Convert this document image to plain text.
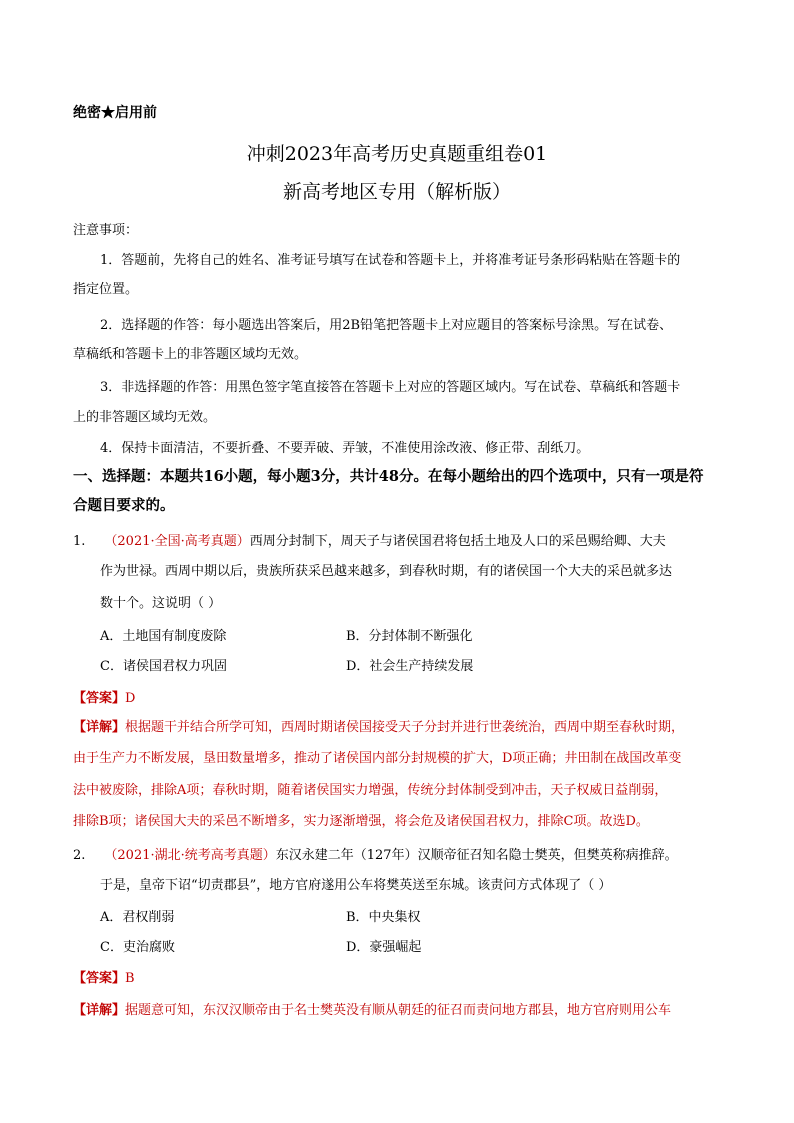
绝密★启用前
冲刺2023年高考历史真题重组卷01
新高考地区专用（解析版）
注意事项：
1．答题前，先将自己的姓名、准考证号填写在试卷和答题卡上，并将准考证号条形码粘贴在答题卡的
指定位置。
2．选择题的作答：每小题选出答案后，用2B铅笔把答题卡上对应题目的答案标号涂黑。写在试卷、
草稿纸和答题卡上的非答题区域均无效。
3．非选择题的作答：用黑色签字笔直接答在答题卡上对应的答题区域内。写在试卷、草稿纸和答题卡
上的非答题区域均无效。
4．保持卡面清洁，不要折叠、不要弄破、弄皱，不准使用涂改液、修正带、刮纸刀。
一、选择题：本题共16小题，每小题3分，共计48分。在每小题给出的四个选项中，只有一项是符
合题目要求的。
1. （2021·全国·高考真题）西周分封制下，周天子与诸侯国君将包括土地及人口的采邑赐给卿、大夫
作为世禄。西周中期以后，贵族所获采邑越来越多，到春秋时期，有的诸侯国一个大夫的采邑就多达
数十个。这说明（ ）
A．土地国有制度废除	B．分封体制不断强化
C．诸侯国君权力巩固	D．社会生产持续发展
【答案】D
【详解】根据题干并结合所学可知，西周时期诸侯国接受天子分封并进行世袭统治，西周中期至春秋时期，
由于生产力不断发展，垦田数量增多，推动了诸侯国内部分封规模的扩大，D项正确；井田制在战国改革变
法中被废除，排除A项；春秋时期，随着诸侯国实力增强，传统分封体制受到冲击，天子权威日益削弱，
排除B项；诸侯国大夫的采邑不断增多，实力逐渐增强，将会危及诸侯国君权力，排除C项。故选D。
2. （2021·湖北·统考高考真题）东汉永建二年（127年）汉顺帝征召知名隐士樊英，但樊英称病推辞。
于是，皇帝下诏“切责郡县”，地方官府遂用公车将樊英送至东城。该责问方式体现了（ ）
A．君权削弱	B．中央集权
C．吏治腐败	D．豪强崛起
【答案】B
【详解】据题意可知，东汉汉顺帝由于名士樊英没有顺从朝廷的征召而责问地方郡县，地方官府则用公车
